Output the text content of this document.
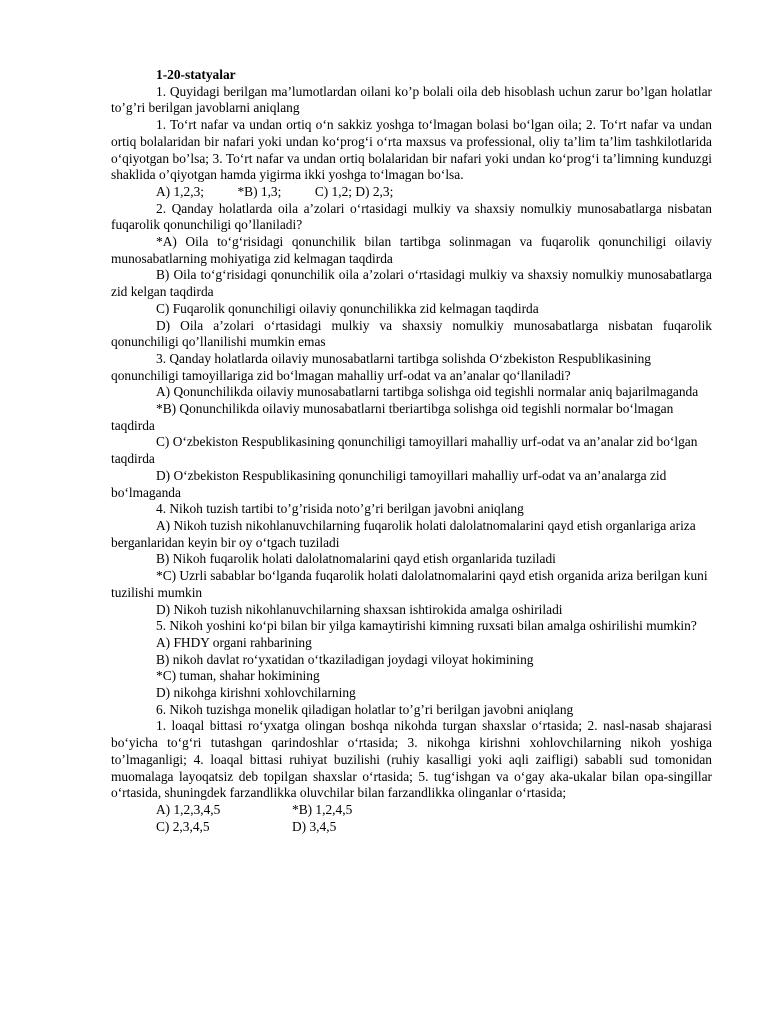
1-20-statyalar
1. Quyidagi berilgan ma’lumotlardan oilani ko’p bolali oila deb hisoblash uchun zarur bo’lgan holatlar to’g’ri berilgan javoblarni aniqlang
1. To‘rt nafar va undan ortiq o‘n sakkiz yoshga to‘lmagan bolasi bo‘lgan oila; 2. To‘rt nafar va undan ortiq bolalaridan bir nafari yoki undan ko‘prog‘i o‘rta maxsus va professional, oliy ta’lim ta’lim tashkilotlarida o‘qiyotgan bo’lsa; 3. To‘rt nafar va undan ortiq bolalaridan bir nafari yoki undan ko‘prog‘i ta’limning kunduzgi shaklida o’qiyotgan hamda yigirma ikki yoshga to‘lmagan bo‘lsa.
A) 1,2,3;          *B) 1,3;          C) 1,2; D) 2,3;
2. Qanday holatlarda oila a’zolari o‘rtasidagi mulkiy va shaxsiy nomulkiy munosabatlarga nisbatan fuqarolik qonunchiligi qo’llaniladi?
*A) Oila to‘g‘risidagi qonunchilik bilan tartibga solinmagan va fuqarolik qonunchiligi oilaviy munosabatlarning mohiyatiga zid kelmagan taqdirda
B) Oila to‘g‘risidagi qonunchilik oila a’zolari o‘rtasidagi mulkiy va shaxsiy nomulkiy munosabatlarga zid kelgan taqdirda
C) Fuqarolik qonunchiligi oilaviy qonunchilikka zid kelmagan taqdirda
D) Oila a’zolari o‘rtasidagi mulkiy va shaxsiy nomulkiy munosabatlarga nisbatan fuqarolik qonunchiligi qo’llanilishi mumkin emas
3. Qanday holatlarda oilaviy munosabatlarni tartibga solishda O‘zbekiston Respublikasining qonunchiligi tamoyillariga zid bo‘lmagan mahalliy urf-odat va an’analar qo‘llaniladi?
A) Qonunchilikda oilaviy munosabatlarni tartibga solishga oid tegishli normalar aniq bajarilmaganda
*B) Qonunchilikda oilaviy munosabatlarni tberiartibga solishga oid tegishli normalar bo‘lmagan taqdirda
C) O‘zbekiston Respublikasining qonunchiligi tamoyillari mahalliy urf-odat va an’analar zid bo‘lgan taqdirda
D) O‘zbekiston Respublikasining qonunchiligi tamoyillari mahalliy urf-odat va an’analarga zid bo‘lmaganda
4. Nikoh tuzish tartibi to’g’risida noto’g’ri berilgan javobni aniqlang
A) Nikoh tuzish nikohlanuvchilarning fuqarolik holati dalolatnomalarini qayd etish organlariga ariza berganlaridan keyin bir oy o‘tgach tuziladi
B) Nikoh fuqarolik holati dalolatnomalarini qayd etish organlarida tuziladi
*C) Uzrli sabablar bo‘lganda fuqarolik holati dalolatnomalarini qayd etish organida ariza berilgan kuni tuzilishi mumkin
D) Nikoh tuzish nikohlanuvchilarning shaxsan ishtirokida amalga oshiriladi
5. Nikoh yoshini ko‘pi bilan bir yilga kamaytirishi kimning ruxsati bilan amalga oshirilishi mumkin?
A) FHDY organi rahbarining
B) nikoh davlat ro‘yxatidan o‘tkaziladigan joydagi viloyat hokimining
*C) tuman, shahar hokimining
D) nikohga kirishni xohlovchilarning
6. Nikoh tuzishga monelik qiladigan holatlar to’g’ri berilgan javobni aniqlang
1. loaqal bittasi ro‘yxatga olingan boshqa nikohda turgan shaxslar o‘rtasida; 2. nasl-nasab shajarasi bo‘yicha to‘g‘ri tutashgan qarindoshlar o‘rtasida; 3. nikohga kirishni xohlovchilarning nikoh yoshiga to’lmaganligi; 4. loaqal bittasi ruhiyat buzilishi (ruhiy kasalligi yoki aqli zaifligi) sababli sud tomonidan muomalaga layoqatsiz deb topilgan shaxslar o‘rtasida; 5. tug‘ishgan va o‘gay aka-ukalar bilan opa-singillar o‘rtasida, shuningdek farzandlikka oluvchilar bilan farzandlikka olinganlar o‘rtasida;
A) 1,2,3,4,5	*B) 1,2,4,5
C) 2,3,4,5	D) 3,4,5
